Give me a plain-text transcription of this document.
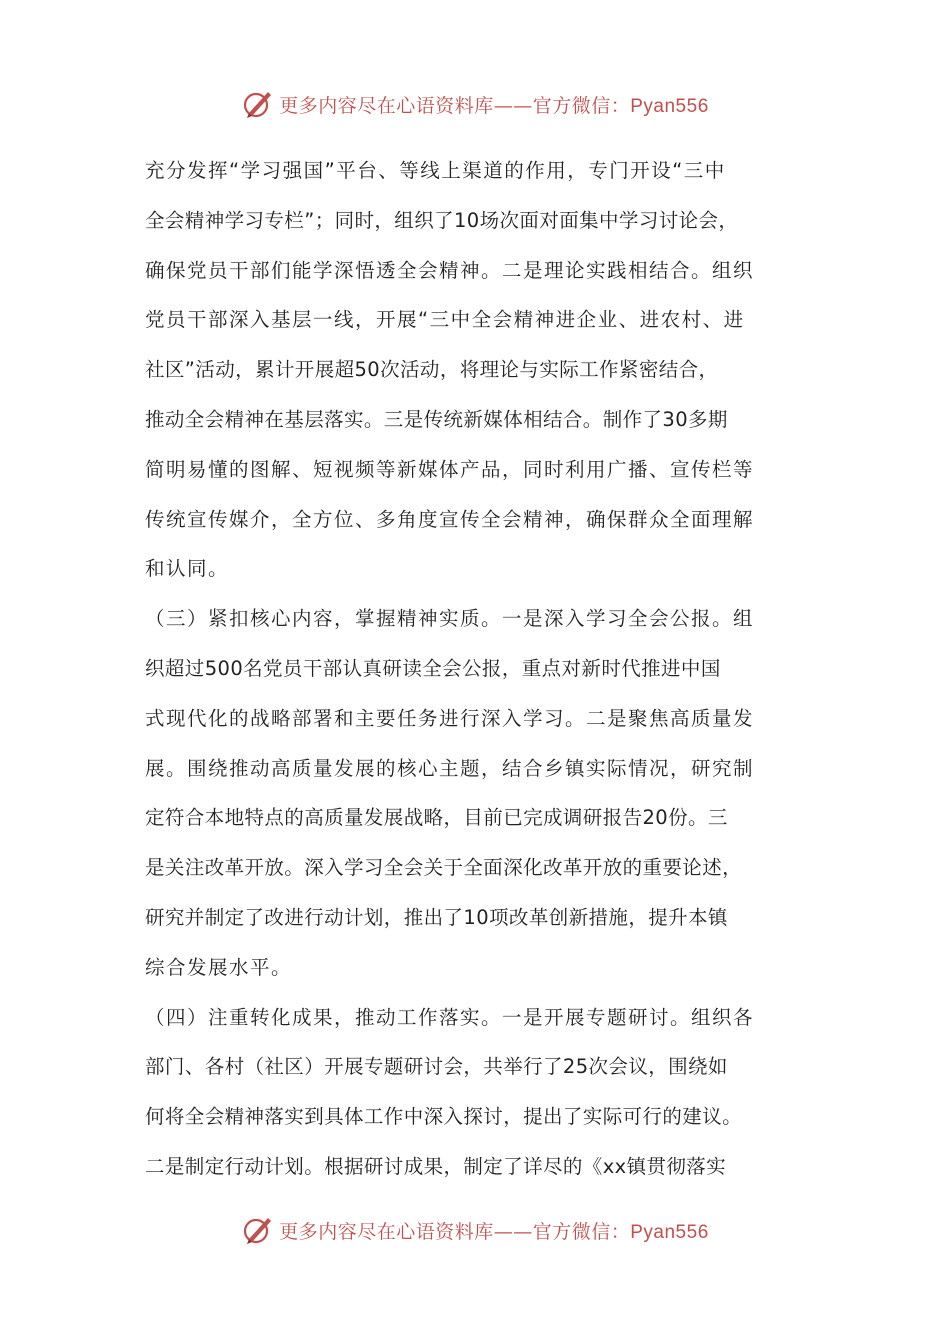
更多内容尽在心语资料库——官方微信：Pyan556
充分发挥“学习强国”平台、等线上渠道的作用，专门开设“三中
全会精神学习专栏”；同时，组织了10场次面对面集中学习讨论会，
确保党员干部们能学深悟透全会精神。二是理论实践相结合。组织
党员干部深入基层一线，开展“三中全会精神进企业、进农村、进
社区”活动，累计开展超50次活动，将理论与实际工作紧密结合，
推动全会精神在基层落实。三是传统新媒体相结合。制作了30多期
简明易懂的图解、短视频等新媒体产品，同时利用广播、宣传栏等
传统宣传媒介，全方位、多角度宣传全会精神，确保群众全面理解
和认同。
（三）紧扣核心内容，掌握精神实质。一是深入学习全会公报。组
织超过500名党员干部认真研读全会公报，重点对新时代推进中国
式现代化的战略部署和主要任务进行深入学习。二是聚焦高质量发
展。围绕推动高质量发展的核心主题，结合乡镇实际情况，研究制
定符合本地特点的高质量发展战略，目前已完成调研报告20份。三
是关注改革开放。深入学习全会关于全面深化改革开放的重要论述，
研究并制定了改进行动计划，推出了10项改革创新措施，提升本镇
综合发展水平。
（四）注重转化成果，推动工作落实。一是开展专题研讨。组织各
部门、各村（社区）开展专题研讨会，共举行了25次会议，围绕如
何将全会精神落实到具体工作中深入探讨，提出了实际可行的建议。
二是制定行动计划。根据研讨成果，制定了详尽的《xx镇贯彻落实
更多内容尽在心语资料库——官方微信：Pyan556
